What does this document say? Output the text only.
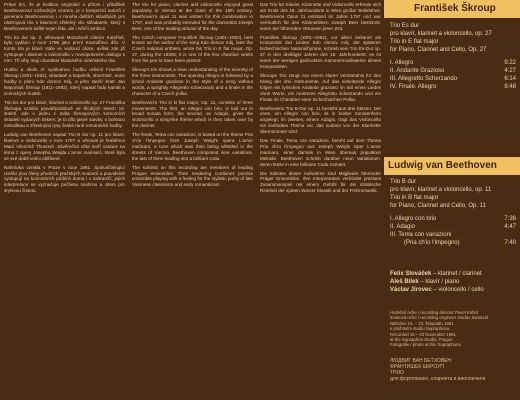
Práve tím, že je kvalitou originální a přitom i přitažlivě Beethovenovi rozhodným vzorem, je v kompozici autorů z generace Beethovenovy i v mnoha dalších skladbách pro nástrojová tria s klavírem zřetelný vliv skladatele, který s Beethovenem sdílel nejen léta, ale i tvůrčí ambice.

Trio Es dur op. 2, věnované Mozartově ctitelce Kateřině, bylo vydáno v roce 1798 jako první Kramářovo dílo. V tomto triu je klavír stále ve vedoucí úloze, avšak zde již vystupuje i klarinet a violoncello v rovnoprávném dialogu s ním. Tři věty mají charakter klasického vídeňského tria.

Hudbu a okolo ní vydávanou hudbu ovlivnil František Škroup (1801–1862), skladatel a kapelník, sbormistr, autor hudby k písni Kde domov můj, a jeho starší bratr Jan Nepomuk Škroup (1811–1892), který napsal řadu kantát a scénických hudeb.

Trio Es dur pro klavír, klarinet a violoncello op. 27 Františka Škroupa vzniklo pravděpodobně ve třicátých letech 19. století. Jde o jednu z mála Škroupových komorních skladeb vydaných tiskem; je to dílo jasné stavby, s bohatou melodikou a zřetelnými rysy české raně romantické hudby.

Ludwig van Beethoven napsal Trio B dur op. 11 pro klavír, klarinet a violoncello v roce 1797 a věnoval je hraběnce Marii Vilemíně Thunové. Závěrečná věta tvoří variace na téma z opery Josepha Weigla L'amor marinaro, které bylo ve své době velmi oblíbené.

Nahrávka vznikla v Praze v roce 1981. Spoluúčinkující umělci jsou členy předních pražských souborů a pravidelně vystupují na koncertních pódiích doma i v zahraničí; jejich interpretace se vyznačuje pečlivou souhrou a citem pro stylovou čistotu.

The trio for piano, clarinet and violoncello enjoyed great popularity in Vienna at the close of the 18th century. Beethoven's opus 11 was written for this combination in 1797, and was probably intended for the clarinettist Joseph Beer, one of the leading virtuosi of the day.

The Czech composer František Škroup (1801–1862), best known as the author of the song Kde domov můj, later the Czech national anthem, wrote his Trio in E flat major, Op. 27, during the 1830s; it is one of the few chamber works from his pen to have been printed.

Škroup's trio shows a clear understanding of the sonority of the three instruments. The opening Allegro is followed by a lyrical Andante grazioso in the style of a song without words, a sprightly Allegretto scherzando and a finale in the character of a Czech polka.

Beethoven's Trio in B flat major, Op. 11, consists of three movements. The first, an Allegro con brio, is laid out in broad sonata form; the second, an Adagio, gives the violoncello a song-like theme which is then taken over by the clarinet.

The finale, Tema con variazioni, is based on the theme Pria ch'io l'impegno from Joseph Weigl's opera L'amor marinaro, a tune which was then being whistled in the streets of Vienna. Beethoven composed nine variations, the last of them leading into a brilliant coda.

The soloists on this recording are members of leading Prague ensembles. Their rendering combines precise ensemble playing with a feeling for the stylistic purity of late Viennese classicism and early romanticism.

Das Trio für Klavier, Klarinette und Violoncello erfreute sich am Ende des 18. Jahrhunderts in Wien großer Beliebtheit. Beethovens Opus 11 entstand im Jahre 1797 und war vermutlich für den Klarinettisten Joseph Beer bestimmt, einen der führenden Virtuosen jener Zeit.

František Škroup (1801–1862), vor allem bekannt als Komponist des Liedes Kde domov můj, der späteren tschechischen Nationalhymne, schrieb sein Trio Es-Dur op. 27 in den dreißiger Jahren des 19. Jahrhunderts; es ist eines der wenigen gedruckten Kammermusikwerke dieses Komponisten.

Škroups Trio zeugt von einem klaren Verständnis für den Klang der drei Instrumente. Auf das einleitende Allegro folgen ein lyrisches Andante grazioso im Stil eines Liedes ohne Worte, ein munteres Allegretto scherzando und ein Finale im Charakter einer tschechischen Polka.

Beethovens Trio B-Dur op. 11 besteht aus drei Sätzen. Der erste, ein Allegro con brio, ist in breiter Sonatenform angelegt; im zweiten, einem Adagio, trägt das Violoncello ein liedhaftes Thema vor, das sodann von der Klarinette übernommen wird.

Das Finale, Tema con variazioni, beruht auf dem Thema Pria ch'io l'impegno aus Joseph Weigls Oper L'amor marinaro, einer damals in Wien überaus populären Melodie. Beethoven schrieb darüber neun Variationen, deren letzte in eine brillante Coda mündet.

Die Solisten dieser Aufnahme sind Mitglieder führender Prager Ensembles. Ihre Interpretation verbindet präzises Zusammenspiel mit einem Gefühl für die stilistische Reinheit der späten Wiener Klassik und der Frühromantik.

František Škroup
Trio Es dur
pro klavír, klarinet a violoncello, op. 27
Trio in E flat major
for Piano, Clarinet and Cello, Op. 27
I. Allegro	9:22
II. Andante Grazioso	4:27
III. Allegretto Scherzando	6:14
IV. Finale. Allegro	8:48
Ludwig van Beethoven
Trio B dur
pro klavír, klarinet a violoncello, op. 11
Trio in B flat major
for Piano, Clarinet and Cello, Op. 11
I. Allegro con brio	7:36
II. Adagio	4:47
III. Tema con variazioni
(Pria ch'io l'impegno)	7:40
Felix Slováček – klarinet / clarinet
Aleš Bílek – klavír / piano
Václav Jírovec – violoncello / cello
Hudební režie / recording director Pavel Kühnl
Zvuková režie / recording engineer Václav Zamazal
Nahráno 16. – 23. listopadu 1981
v pražském studiu Supraphonu
Recorded 16 – 23 November 1981
at the Supraphon Studio, Prague
Fotografie / photo archiv Supraphonu
ЛЮДВИГ ВАН БЕТХОВЕН
ФРАНТИШЕК ШКРОУП
ТРИО
для фортепиано, кларнета и виолончели
